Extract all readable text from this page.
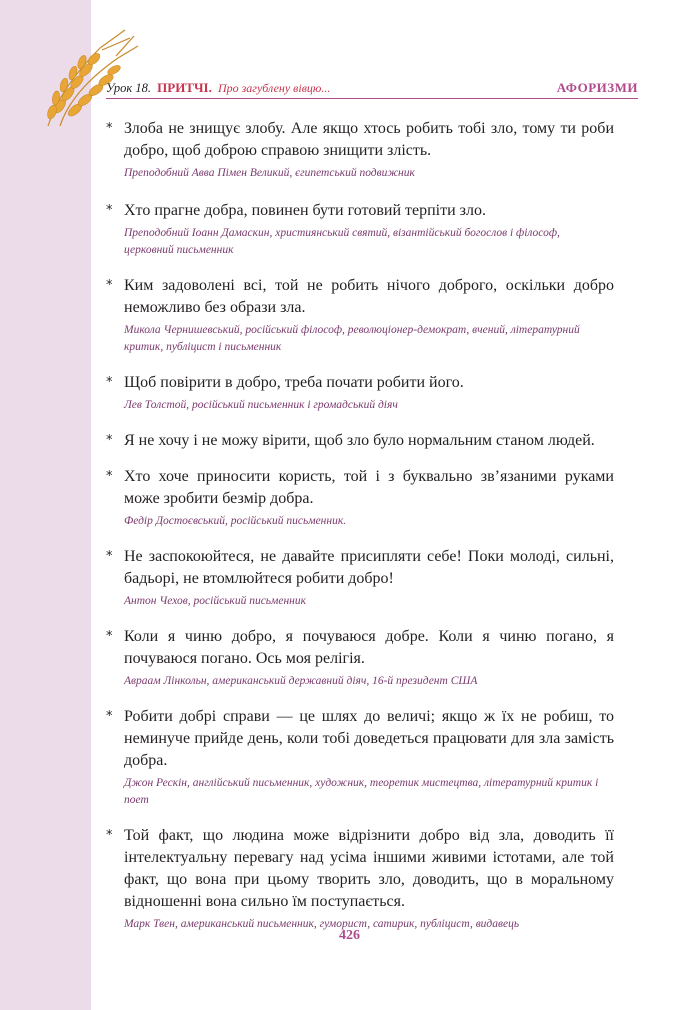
Урок 18. ПРИТЧІ. Про загублену вівцю...	АФОРИЗМИ
* Злоба не знищує злобу. Але якщо хтось робить тобі зло, тому ти роби добро, щоб доброю справою знищити злість.
Преподобний Авва Пімен Великий, єгипетський подвижник
* Хто прагне добра, повинен бути готовий терпіти зло.
Преподобний Іоанн Дамаскин, християнський святий, візантійський богослов і філософ, церковний письменник
* Ким задоволені всі, той не робить нічого доброго, оскільки добро неможливо без образи зла.
Микола Чернишевський, російський філософ, революціонер-демократ, вчений, літературний критик, публіцист і письменник
* Щоб повірити в добро, треба почати робити його.
Лев Толстой, російський письменник і громадський діяч
* Я не хочу і не можу вірити, щоб зло було нормальним станом людей.
* Хто хоче приносити користь, той і з буквально зв’язаними руками може зробити безмір добра.
Федір Достоєвський, російський письменник.
* Не заспокоюйтеся, не давайте присипляти себе! Поки молоді, сильні, бадьорі, не втомлюйтеся робити добро!
Антон Чехов, російський письменник
* Коли я чиню добро, я почуваюся добре. Коли я чиню погано, я почуваюся погано. Ось моя релігія.
Авраам Лінкольн, американський державний діяч, 16-й президент США
* Робити добрі справи — це шлях до величі; якщо ж їх не робиш, то неминуче прийде день, коли тобі доведеться працювати для зла замість добра.
Джон Рескін, англійський письменник, художник, теоретик мистецтва, літературний критик і поет
* Той факт, що людина може відрізнити добро від зла, доводить її інтелектуальну перевагу над усіма іншими живими істотами, але той факт, що вона при цьому творить зло, доводить, що в моральному відношенні вона сильно їм поступається.
Марк Твен, американський письменник, гуморист, сатирик, публіцист, видавець
426
